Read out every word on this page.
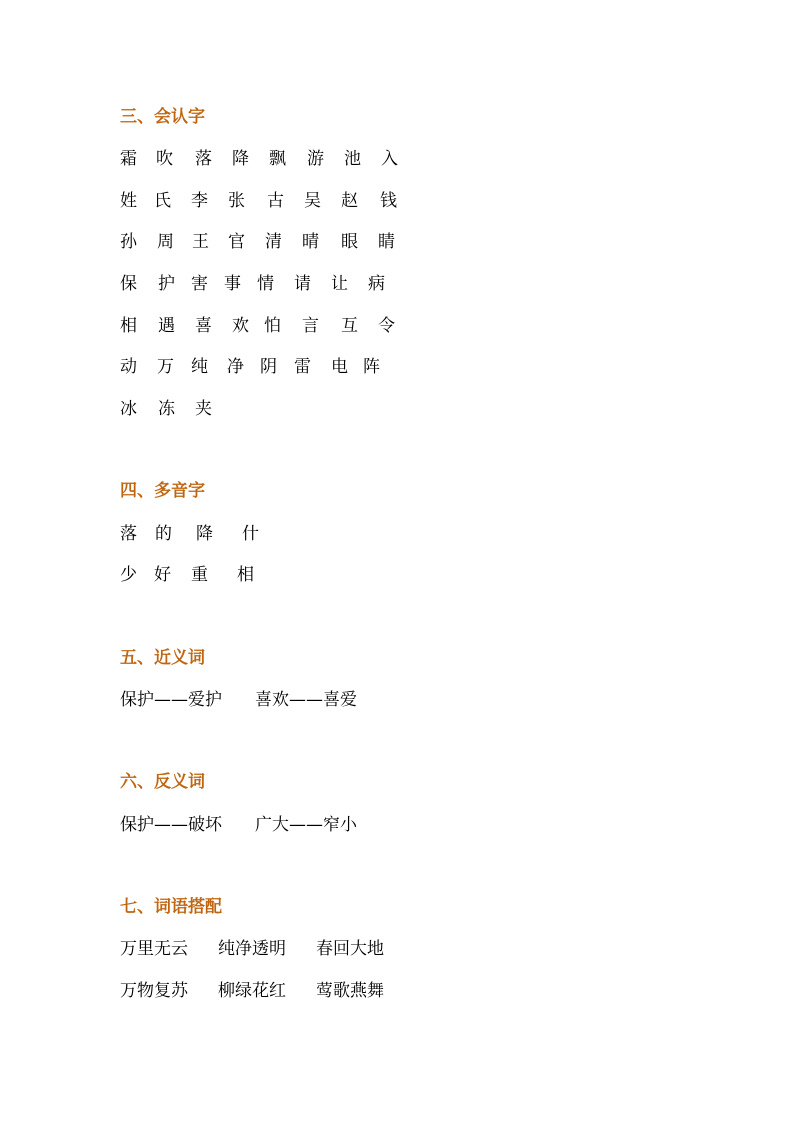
三、会认字
霜 吹 落 降 飘 游 池 入
姓 氏 李 张 古 吴 赵 钱
孙 周 王 官 清 晴 眼 睛
保 护 害 事 情 请 让 病
相 遇 喜 欢 怕 言 互 令
动 万 纯 净 阴 雷 电 阵
冰 冻 夹
四、多音字
落 的 降 什
少 好 重 相
五、近义词
保护——爱护 喜欢——喜爱
六、反义词
保护——破坏 广大——窄小
七、词语搭配
万里无云 纯净透明 春回大地
万物复苏 柳绿花红 莺歌燕舞
